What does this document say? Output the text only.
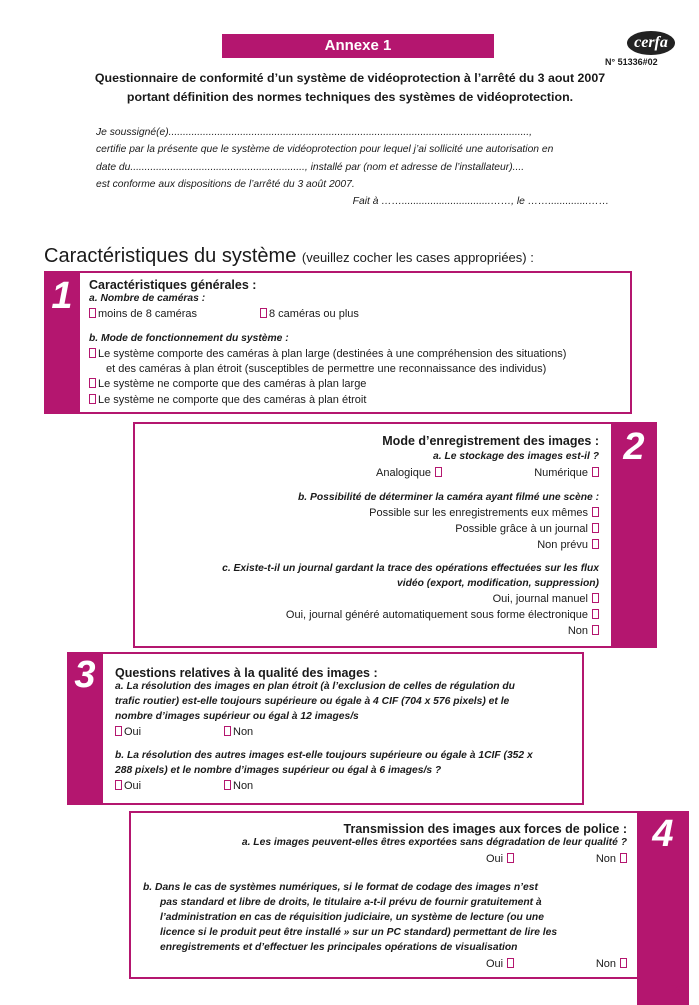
Annexe 1	cerfa
N° 51336#02
Questionnaire de conformité d’un système de vidéoprotection à l’arrêté du 3 aout 2007
portant définition des normes techniques des systèmes de vidéoprotection.
Je soussigné(e)..............................................................................................................................,
certifie par la présente que le système de vidéoprotection pour lequel j’ai sollicité une autorisation en
date du............................................................., installé par (nom et adresse de l’installateur)....
est conforme aux dispositions de l’arrêté du 3 août 2007.
Fait à ……...............................……, le ……..............……
Caractéristiques du système (veuillez cocher les cases appropriées) :
1	Caractéristiques générales :
a. Nombre de caméras :
moins de 8 caméras	8 caméras ou plus
b. Mode de fonctionnement du système :
Le système comporte des caméras à plan large (destinées à une compréhension des situations)
et des caméras à plan étroit (susceptibles de permettre une reconnaissance des individus)
Le système ne comporte que des caméras à plan large
Le système ne comporte que des caméras à plan étroit
Mode d’enregistrement des images :
a. Le stockage des images est-il ?
Analogique	Numérique
b. Possibilité de déterminer la caméra ayant filmé une scène :
Possible sur les enregistrements eux mêmes
Possible grâce à un journal
Non prévu
c. Existe-t-il un journal gardant la trace des opérations effectuées sur les flux
vidéo (export, modification, suppression)
Oui, journal manuel
Oui, journal généré automatiquement sous forme électronique
Non
2
3	Questions relatives à la qualité des images :
a. La résolution des images en plan étroit (à l’exclusion de celles de régulation du
trafic routier) est-elle toujours supérieure ou égale à 4 CIF (704 x 576 pixels) et le
nombre d’images supérieur ou égal à 12 images/s
Oui	Non
b. La résolution des autres images est-elle toujours supérieure ou égale à 1CIF (352 x
288 pixels) et le nombre d’images supérieur ou égal à 6 images/s ?
Oui	Non
Transmission des images aux forces de police :
a. Les images peuvent-elles êtres exportées sans dégradation de leur qualité ?
Oui	Non
b. Dans le cas de systèmes numériques, si le format de codage des images n’est
pas standard et libre de droits, le titulaire a-t-il prévu de fournir gratuitement à
l’administration en cas de réquisition judiciaire, un système de lecture (ou une
licence si le produit peut être installé » sur un PC standard) permettant de lire les
enregistrements et d’effectuer les principales opérations de visualisation
Oui	Non
4
7/7
